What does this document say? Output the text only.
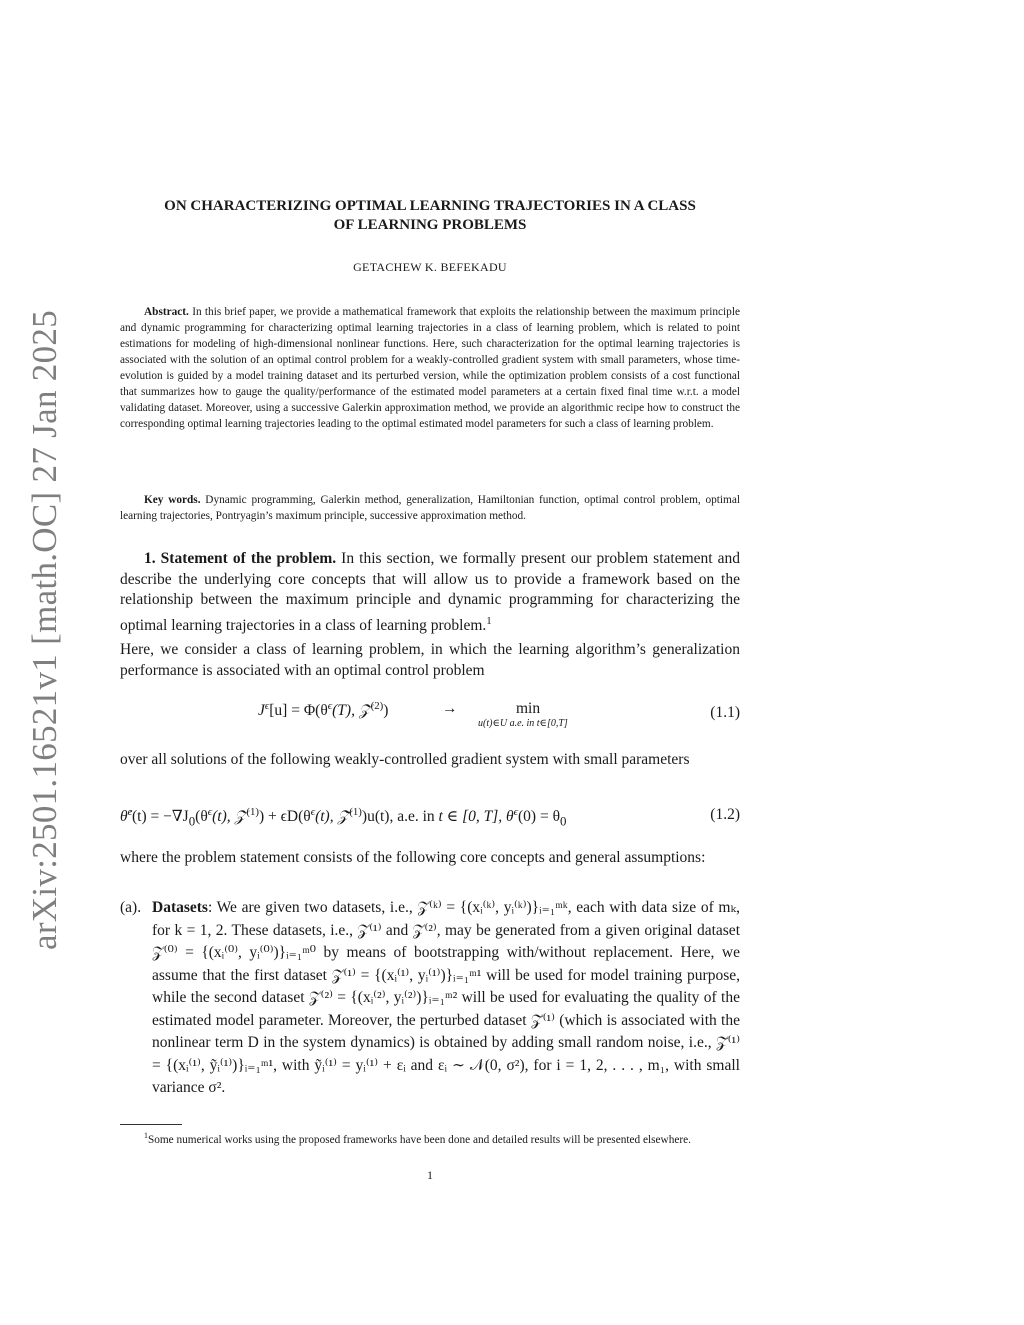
arXiv:2501.16521v1 [math.OC] 27 Jan 2025
ON CHARACTERIZING OPTIMAL LEARNING TRAJECTORIES IN A CLASS
OF LEARNING PROBLEMS
GETACHEW K. BEFEKADU
Abstract. In this brief paper, we provide a mathematical framework that exploits the relationship between the maximum principle and dynamic programming for characterizing optimal learning trajectories in a class of learning problem, which is related to point estimations for modeling of high-dimensional nonlinear functions. Here, such characterization for the optimal learning trajectories is associated with the solution of an optimal control problem for a weakly-controlled gradient system with small parameters, whose time-evolution is guided by a model training dataset and its perturbed version, while the optimization problem consists of a cost functional that summarizes how to gauge the quality/performance of the estimated model parameters at a certain fixed final time w.r.t. a model validating dataset. Moreover, using a successive Galerkin approximation method, we provide an algorithmic recipe how to construct the corresponding optimal learning trajectories leading to the optimal estimated model parameters for such a class of learning problem.
Key words. Dynamic programming, Galerkin method, generalization, Hamiltonian function, optimal control problem, optimal learning trajectories, Pontryagin’s maximum principle, successive approximation method.
1. Statement of the problem. In this section, we formally present our problem statement and describe the underlying core concepts that will allow us to provide a framework based on the relationship between the maximum principle and dynamic programming for characterizing the optimal learning trajectories in a class of learning problem.$^1$
Here, we consider a class of learning problem, in which the learning algorithm’s generalization performance is associated with an optimal control problem
$J^\epsilon[u] = \Phi(\theta^\epsilon(T)$, 𝒵$^{(2)}$)	→	min
u(t)∈U a.e. in t∈[0,T]
(1.1)
over all solutions of the following weakly-controlled gradient system with small parameters
θ̇$^\epsilon$(t) = $-\nabla J_0(\theta^\epsilon(t)$, 𝒵$^{(1)}$) + $\epsilon D(\theta^\epsilon(t)$, 𝒵̃$^{(1)}$)u(t), a.e. in t ∈ [0, T], $\theta^\epsilon(0) = \theta_0$	(1.2)
where the problem statement consists of the following core concepts and general assumptions:
(a). Datasets: We are given two datasets, i.e., 𝒵⁽ᵏ⁾ = {(xᵢ⁽ᵏ⁾, yᵢ⁽ᵏ⁾)}ᵢ₌₁ᵐᵏ, each with data size of mₖ, for k = 1, 2. These datasets, i.e., 𝒵⁽¹⁾ and 𝒵⁽²⁾, may be generated from a given original dataset 𝒵⁽⁰⁾ = {(xᵢ⁽⁰⁾, yᵢ⁽⁰⁾)}ᵢ₌₁ᵐ⁰ by means of bootstrapping with/without replacement. Here, we assume that the first dataset 𝒵⁽¹⁾ = {(xᵢ⁽¹⁾, yᵢ⁽¹⁾)}ᵢ₌₁ᵐ¹ will be used for model training purpose, while the second dataset 𝒵⁽²⁾ = {(xᵢ⁽²⁾, yᵢ⁽²⁾)}ᵢ₌₁ᵐ² will be used for evaluating the quality of the estimated model parameter. Moreover, the perturbed dataset 𝒵̃⁽¹⁾ (which is associated with the nonlinear term D in the system dynamics) is obtained by adding small random noise, i.e., 𝒵̃⁽¹⁾ = {(xᵢ⁽¹⁾, ỹᵢ⁽¹⁾)}ᵢ₌₁ᵐ¹, with ỹᵢ⁽¹⁾ = yᵢ⁽¹⁾ + εᵢ and εᵢ ∼ 𝒩(0, σ²), for i = 1, 2, . . . , m₁, with small variance σ².
$^1$Some numerical works using the proposed frameworks have been done and detailed results will be presented elsewhere.
1
